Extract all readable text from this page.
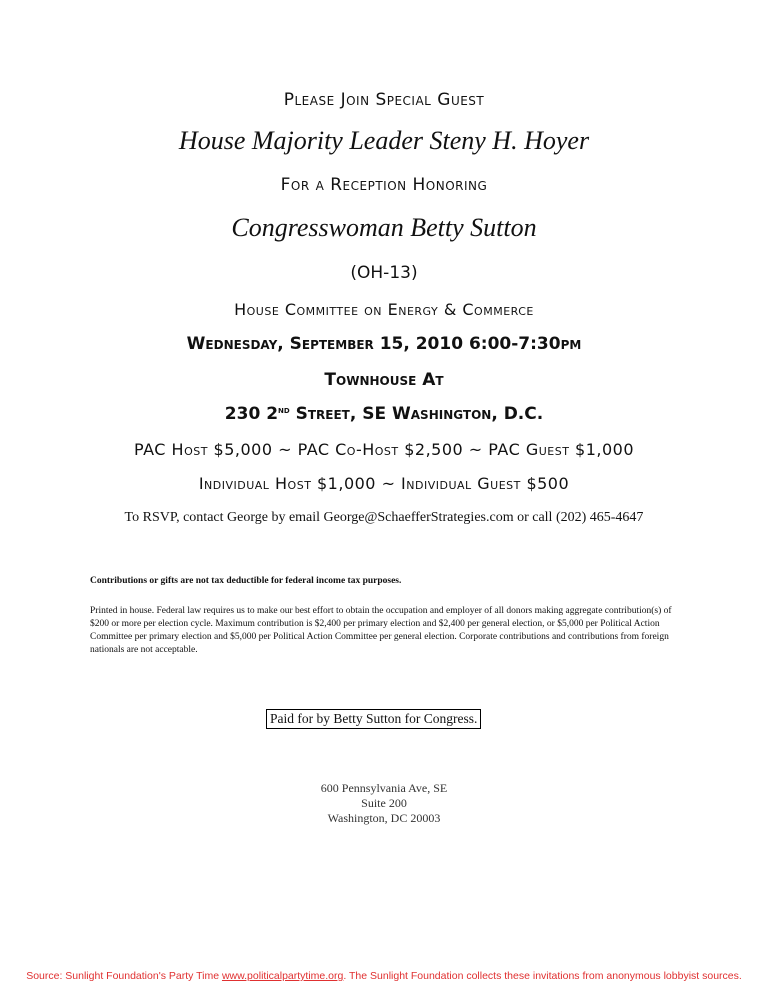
Please Join Special Guest
House Majority Leader Steny H. Hoyer
For a Reception Honoring
Congresswoman Betty Sutton
(OH-13)
House Committee on Energy & Commerce
Wednesday, September 15, 2010 6:00-7:30pm
Townhouse At
230 2nd Street, SE Washington, D.C.
PAC Host $5,000 ~ PAC Co-Host $2,500 ~ PAC Guest $1,000
Individual Host $1,000 ~ Individual Guest $500
To RSVP, contact George by email George@SchaefferStrategies.com or call (202) 465-4647
Contributions or gifts are not tax deductible for federal income tax purposes.
Printed in house. Federal law requires us to make our best effort to obtain the occupation and employer of all donors making aggregate contribution(s) of $200 or more per election cycle. Maximum contribution is $2,400 per primary election and $2,400 per general election, or $5,000 per Political Action Committee per primary election and $5,000 per Political Action Committee per general election. Corporate contributions and contributions from foreign nationals are not acceptable.
Paid for by Betty Sutton for Congress.
600 Pennsylvania Ave, SE
Suite 200
Washington, DC 20003
Source: Sunlight Foundation's Party Time www.politicalpartytime.org. The Sunlight Foundation collects these invitations from anonymous lobbyist sources.
